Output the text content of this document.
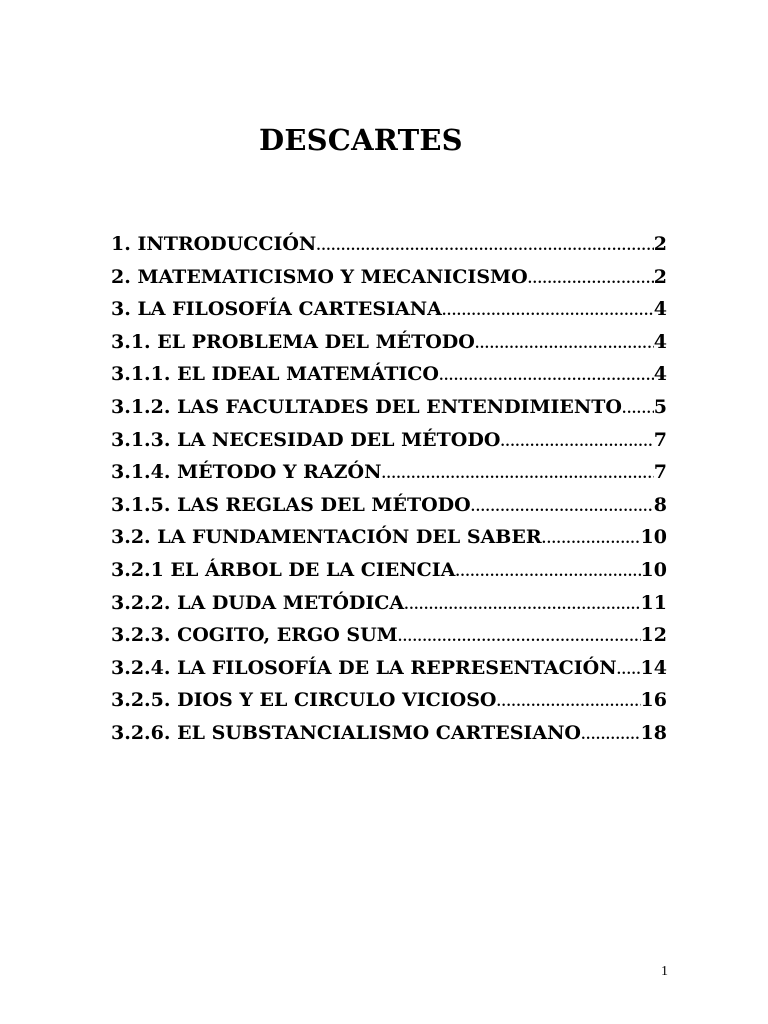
DESCARTES
1. INTRODUCCIÓN .....	2
2. MATEMATICISMO Y MECANICISMO .....	2
3. LA FILOSOFÍA CARTESIANA .....	4
3.1. EL PROBLEMA DEL MÉTODO .....	4
3.1.1. EL IDEAL MATEMÁTICO .....	4
3.1.2. LAS FACULTADES DEL ENTENDIMIENTO ..... 5
3.1.3. LA NECESIDAD DEL MÉTODO .....	7
3.1.4. MÉTODO Y RAZÓN .....	7
3.1.5. LAS REGLAS DEL MÉTODO .....	8
3.2. LA FUNDAMENTACIÓN DEL SABER .....	10
3.2.1 EL ÁRBOL DE LA CIENCIA .....	10
3.2.2. LA DUDA METÓDICA .....	11
3.2.3. COGITO, ERGO SUM .....	12
3.2.4. LA FILOSOFÍA DE LA REPRESENTACIÓN ..... 14
3.2.5. DIOS Y EL CIRCULO VICIOSO .....	16
3.2.6. EL SUBSTANCIALISMO CARTESIANO .....	18
1
